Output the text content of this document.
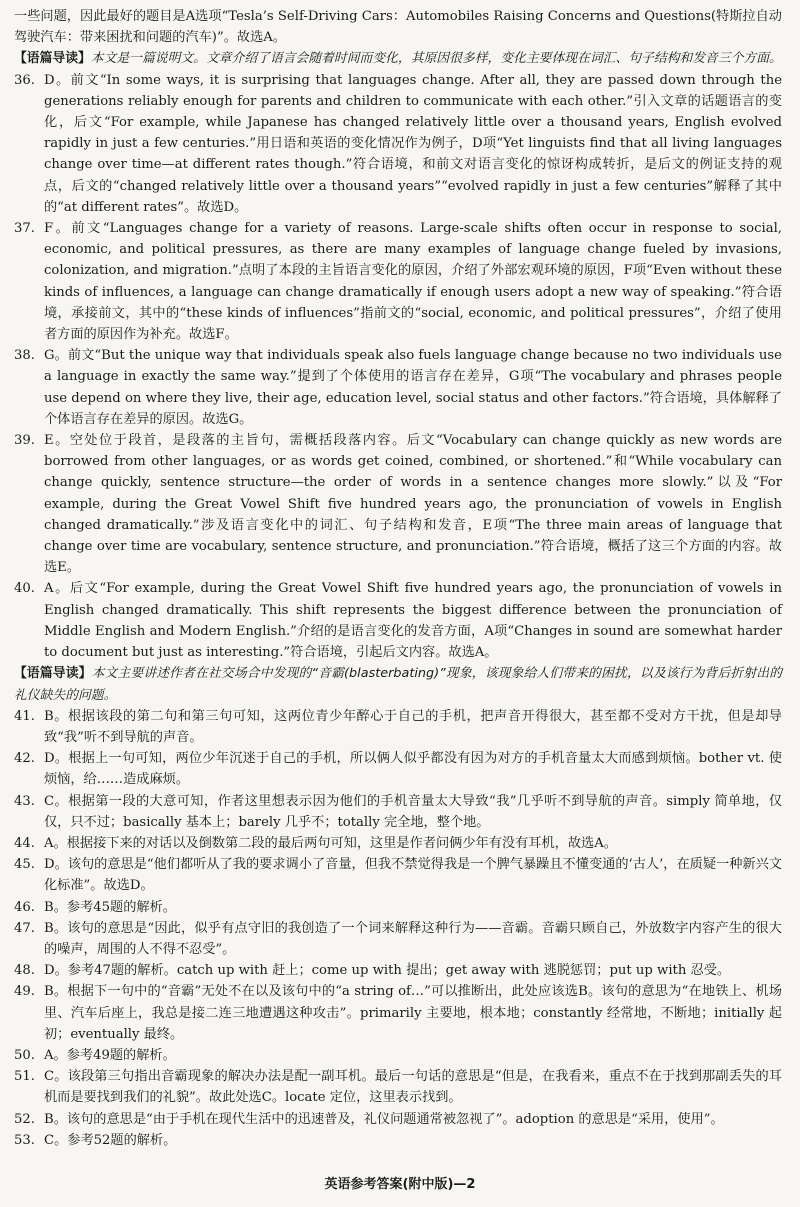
一些问题，因此最好的题目是A选项“Tesla’s Self-Driving Cars：Automobiles Raising Concerns and Questions(特斯拉自动驾驶汽车：带来困扰和问题的汽车)”。故选A。

【语篇导读】本文是一篇说明文。文章介绍了语言会随着时间而变化，其原因很多样，变化主要体现在词汇、句子结构和发音三个方面。

36. D。前文“In some ways, it is surprising that languages change. After all, they are passed down through the generations reliably enough for parents and children to communicate with each other.”引入文章的话题语言的变化，后文“For example, while Japanese has changed relatively little over a thousand years, English evolved rapidly in just a few centuries.”用日语和英语的变化情况作为例子，D项“Yet linguists find that all living languages change over time—at different rates though.”符合语境，和前文对语言变化的惊讶构成转折，是后文的例证支持的观点，后文的“changed relatively little over a thousand years”“evolved rapidly in just a few centuries”解释了其中的“at different rates”。故选D。

37. F。前文“Languages change for a variety of reasons. Large-scale shifts often occur in response to social, economic, and political pressures, as there are many examples of language change fueled by invasions, colonization, and migration.”点明了本段的主旨语言变化的原因，介绍了外部宏观环境的原因，F项“Even without these kinds of influences, a language can change dramatically if enough users adopt a new way of speaking.”符合语境，承接前文，其中的“these kinds of influences”指前文的“social, economic, and political pressures”，介绍了使用者方面的原因作为补充。故选F。

38. G。前文“But the unique way that individuals speak also fuels language change because no two individuals use a language in exactly the same way.”提到了个体使用的语言存在差异，G项“The vocabulary and phrases people use depend on where they live, their age, education level, social status and other factors.”符合语境，具体解释了个体语言存在差异的原因。故选G。

39. E。空处位于段首，是段落的主旨句，需概括段落内容。后文“Vocabulary can change quickly as new words are borrowed from other languages, or as words get coined, combined, or shortened.”和“While vocabulary can change quickly, sentence structure—the order of words in a sentence changes more slowly.”以及“For example, during the Great Vowel Shift five hundred years ago, the pronunciation of vowels in English changed dramatically.”涉及语言变化中的词汇、句子结构和发音，E项“The three main areas of language that change over time are vocabulary, sentence structure, and pronunciation.”符合语境，概括了这三个方面的内容。故选E。

40. A。后文“For example, during the Great Vowel Shift five hundred years ago, the pronunciation of vowels in English changed dramatically. This shift represents the biggest difference between the pronunciation of Middle English and Modern English.”介绍的是语言变化的发音方面，A项“Changes in sound are somewhat harder to document but just as interesting.”符合语境，引起后文内容。故选A。

【语篇导读】本文主要讲述作者在社交场合中发现的“音霸(blasterbating)”现象，该现象给人们带来的困扰，以及该行为背后折射出的礼仪缺失的问题。

41. B。根据该段的第二句和第三句可知，这两位青少年醉心于自己的手机，把声音开得很大，甚至都不受对方干扰，但是却导致“我”听不到导航的声音。

42. D。根据上一句可知，两位少年沉迷于自己的手机，所以俩人似乎都没有因为对方的手机音量太大而感到烦恼。bother vt. 使烦恼，给……造成麻烦。

43. C。根据第一段的大意可知，作者这里想表示因为他们的手机音量太大导致“我”几乎听不到导航的声音。simply 简单地，仅仅，只不过；basically 基本上；barely 几乎不；totally 完全地，整个地。

44. A。根据接下来的对话以及倒数第二段的最后两句可知，这里是作者问俩少年有没有耳机，故选A。

45. D。该句的意思是“他们都听从了我的要求调小了音量，但我不禁觉得我是一个脾气暴躁且不懂变通的‘古人’，在质疑一种新兴文化标准”。故选D。

46. B。参考45题的解析。

47. B。该句的意思是“因此，似乎有点守旧的我创造了一个词来解释这种行为——音霸。音霸只顾自己，外放数字内容产生的很大的噪声，周围的人不得不忍受”。

48. D。参考47题的解析。catch up with 赶上；come up with 提出；get away with 逃脱惩罚；put up with 忍受。

49. B。根据下一句中的“音霸”无处不在以及该句中的“a string of…”可以推断出，此处应该选B。该句的意思为“在地铁上、机场里、汽车后座上，我总是接二连三地遭遇这种攻击”。primarily 主要地，根本地；constantly 经常地，不断地；initially 起初；eventually 最终。

50. A。参考49题的解析。

51. C。该段第三句指出音霸现象的解决办法是配一副耳机。最后一句话的意思是“但是，在我看来，重点不在于找到那副丢失的耳机而是要找到我们的礼貌”。故此处选C。locate 定位，这里表示找到。

52. B。该句的意思是“由于手机在现代生活中的迅速普及，礼仪问题通常被忽视了”。adoption 的意思是“采用，使用”。

53. C。参考52题的解析。

英语参考答案(附中版)—2
